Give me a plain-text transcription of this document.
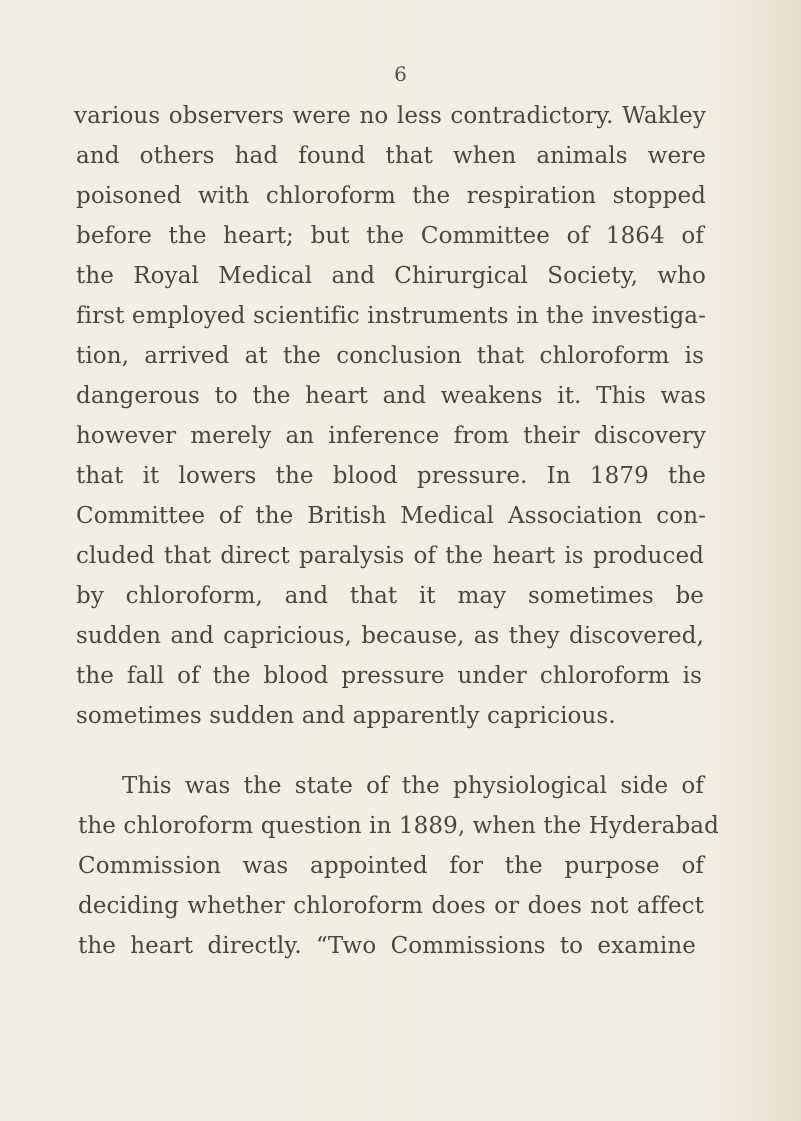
6
various observers were no less contradictory. Wakley
and others had found that when animals were
poisoned with chloroform the respiration stopped
before the heart; but the Committee of 1864 of
the Royal Medical and Chirurgical Society, who
first employed scientific instruments in the investiga-
tion, arrived at the conclusion that chloroform is
dangerous to the heart and weakens it. This was
however merely an inference from their discovery
that it lowers the blood pressure. In 1879 the
Committee of the British Medical Association con-
cluded that direct paralysis of the heart is produced
by chloroform, and that it may sometimes be
sudden and capricious, because, as they discovered,
the fall of the blood pressure under chloroform is
sometimes sudden and apparently capricious.
This was the state of the physiological side of
the chloroform question in 1889, when the Hyderabad
Commission was appointed for the purpose of
deciding whether chloroform does or does not affect
the heart directly. “Two Commissions to examine
